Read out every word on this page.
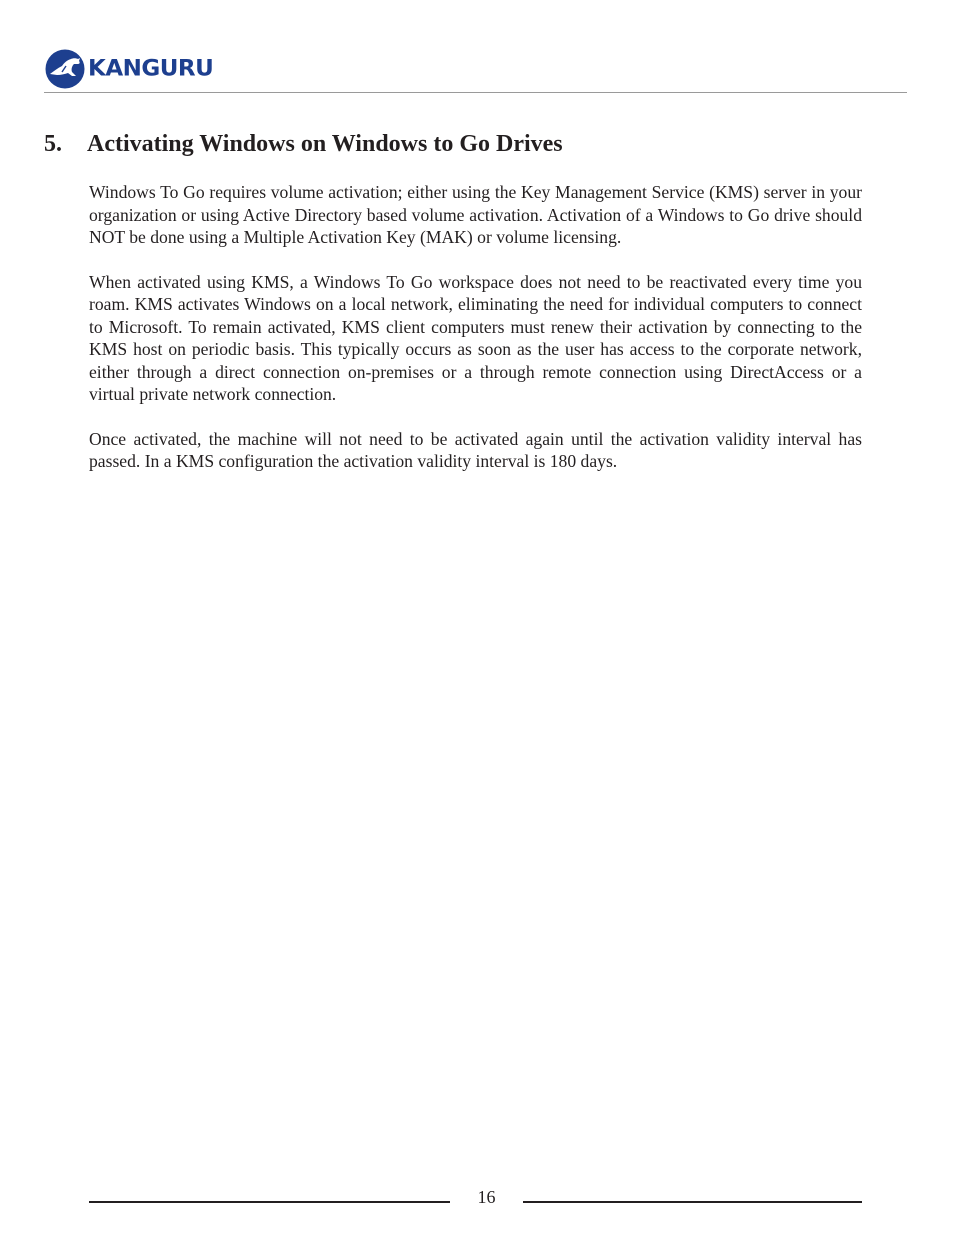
KANGURU
5. Activating Windows on Windows to Go Drives

Windows To Go requires volume activation; either using the Key Management Service (KMS) server in your organization or using Active Directory based volume activation. Activation of a Windows to Go drive should NOT be done using a Multiple Activation Key (MAK) or volume licensing.

When activated using KMS, a Windows To Go workspace does not need to be reactivated every time you roam. KMS activates Windows on a local network, eliminating the need for individual computers to connect to Microsoft. To remain activated, KMS client computers must renew their activation by connecting to the KMS host on periodic basis. This typically occurs as soon as the user has access to the corporate network, either through a direct connection on-premises or a through remote connection using DirectAccess or a virtual private network connection.

Once activated, the machine will not need to be activated again until the activation validity interval has passed. In a KMS configuration the activation validity interval is 180 days.

16
